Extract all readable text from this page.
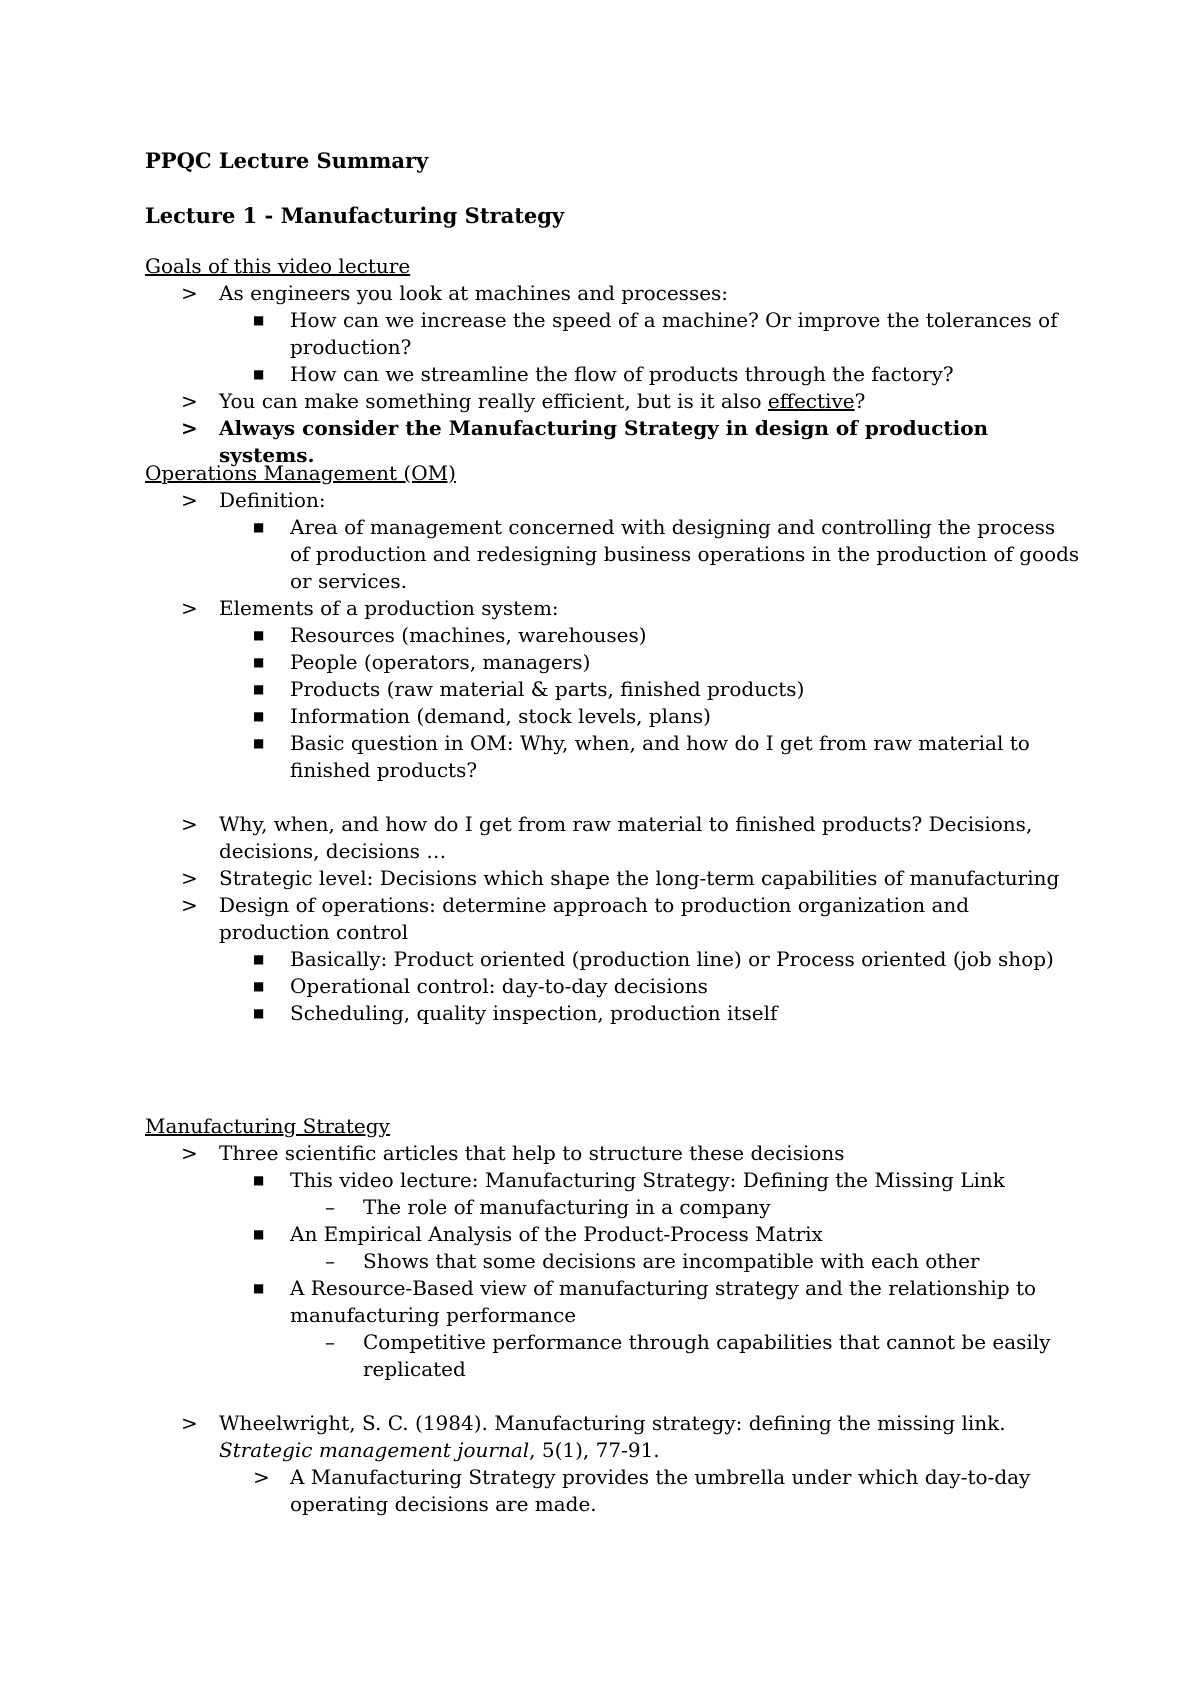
PPQC Lecture Summary
Lecture 1 - Manufacturing Strategy

Goals of this video lecture

> As engineers you look at machines and processes:
■ How can we increase the speed of a machine? Or improve the tolerances of production?
■ How can we streamline the flow of products through the factory?
> You can make something really efficient, but is it also effective?
> Always consider the Manufacturing Strategy in design of production systems.

Operations Management (OM)

> Definition:
■ Area of management concerned with designing and controlling the process of production and redesigning business operations in the production of goods or services.
> Elements of a production system:
■ Resources (machines, warehouses)
■ People (operators, managers)
■ Products (raw material & parts, finished products)
■ Information (demand, stock levels, plans)
■ Basic question in OM: Why, when, and how do I get from raw material to finished products?
> Why, when, and how do I get from raw material to finished products? Decisions, decisions, decisions …
> Strategic level: Decisions which shape the long-term capabilities of manufacturing
> Design of operations: determine approach to production organization and production control
■ Basically: Product oriented (production line) or Process oriented (job shop)
■ Operational control: day-to-day decisions
■ Scheduling, quality inspection, production itself

Manufacturing Strategy

> Three scientific articles that help to structure these decisions
■ This video lecture: Manufacturing Strategy: Defining the Missing Link
– The role of manufacturing in a company
■ An Empirical Analysis of the Product-Process Matrix
– Shows that some decisions are incompatible with each other
■ A Resource-Based view of manufacturing strategy and the relationship to manufacturing performance
– Competitive performance through capabilities that cannot be easily replicated
> Wheelwright, S. C. (1984). Manufacturing strategy: defining the missing link.
Strategic management journal, 5(1), 77-91.
> A Manufacturing Strategy provides the umbrella under which day-to-day operating decisions are made.
